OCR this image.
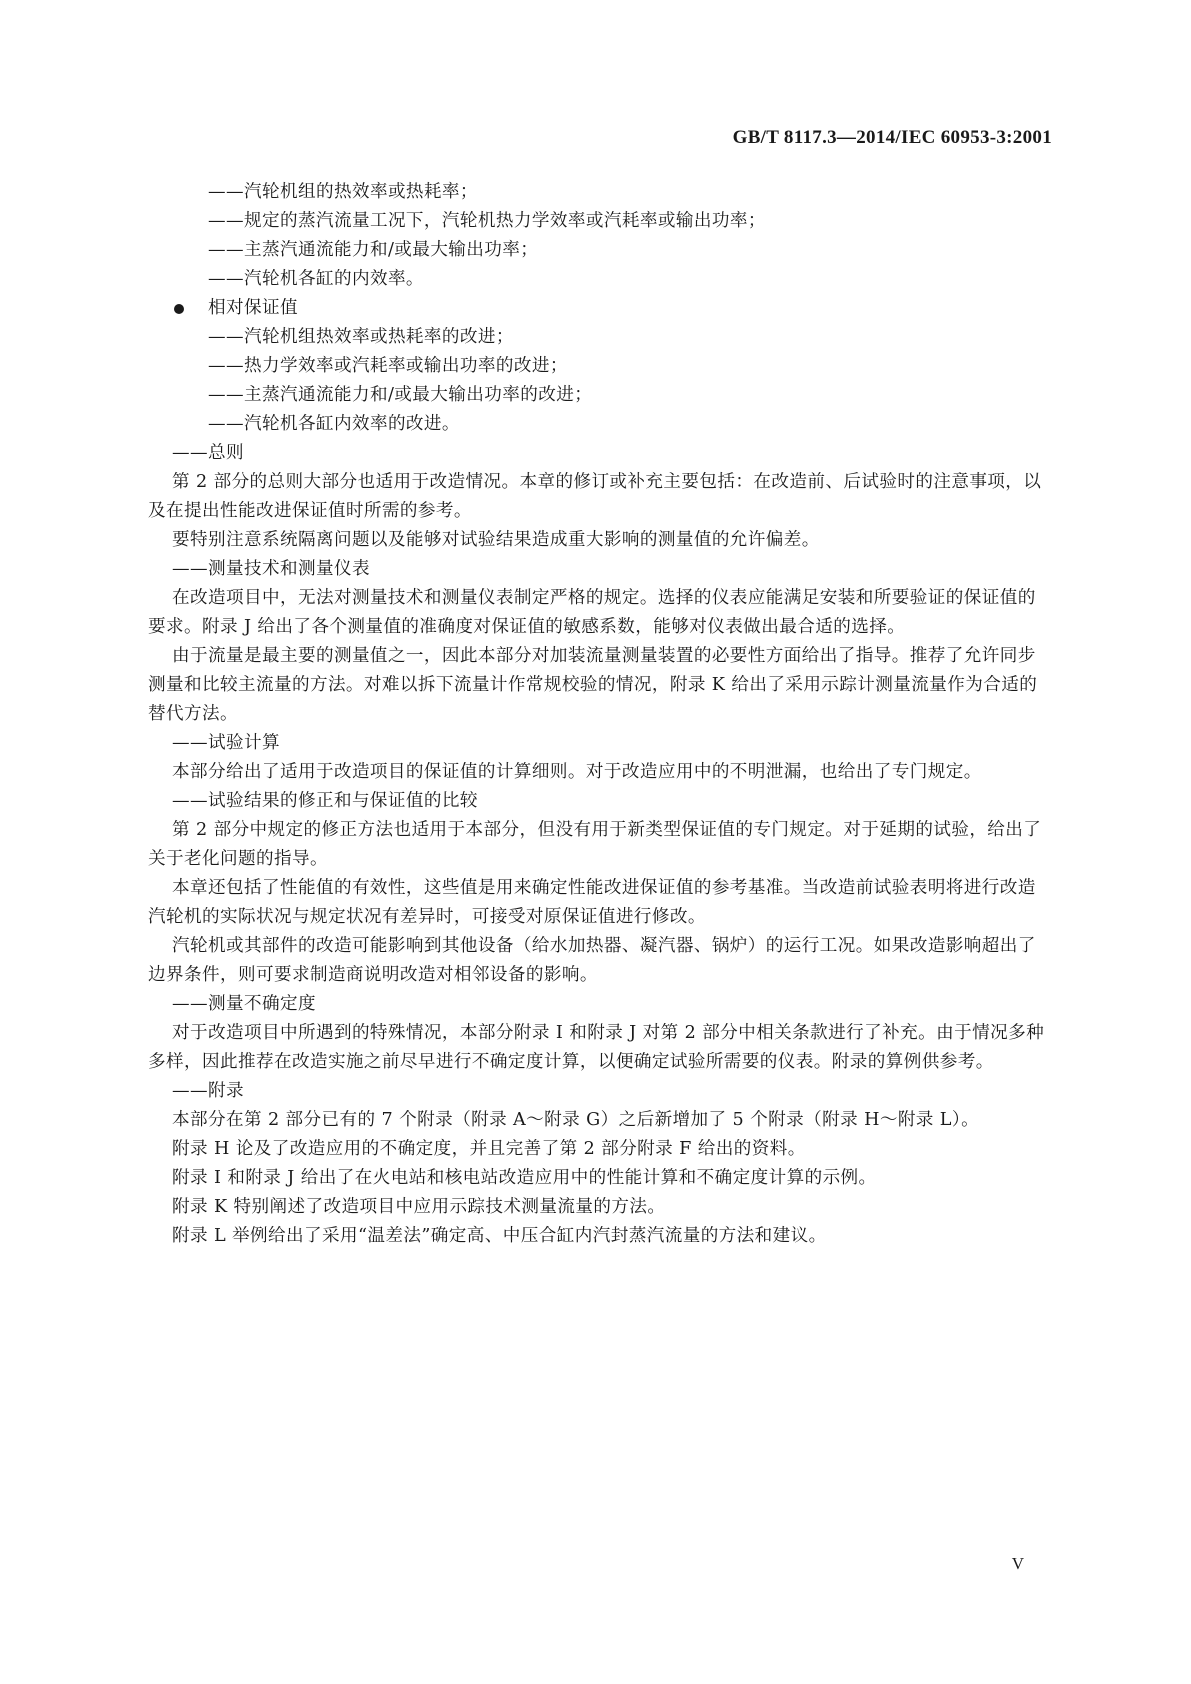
GB/T 8117.3—2014/IEC 60953-3:2001

——汽轮机组的热效率或热耗率；

——规定的蒸汽流量工况下，汽轮机热力学效率或汽耗率或输出功率；

——主蒸汽通流能力和/或最大输出功率；

——汽轮机各缸的内效率。

相对保证值

——汽轮机组热效率或热耗率的改进；

——热力学效率或汽耗率或输出功率的改进；

——主蒸汽通流能力和/或最大输出功率的改进；

——汽轮机各缸内效率的改进。

——总则

第 2 部分的总则大部分也适用于改造情况。本章的修订或补充主要包括：在改造前、后试验时的注意事项，以及在提出性能改进保证值时所需的参考。

要特别注意系统隔离问题以及能够对试验结果造成重大影响的测量值的允许偏差。

——测量技术和测量仪表

在改造项目中，无法对测量技术和测量仪表制定严格的规定。选择的仪表应能满足安装和所要验证的保证值的要求。附录 J 给出了各个测量值的准确度对保证值的敏感系数，能够对仪表做出最合适的选择。

由于流量是最主要的测量值之一，因此本部分对加装流量测量装置的必要性方面给出了指导。推荐了允许同步测量和比较主流量的方法。对难以拆下流量计作常规校验的情况，附录 K 给出了采用示踪计测量流量作为合适的替代方法。

——试验计算

本部分给出了适用于改造项目的保证值的计算细则。对于改造应用中的不明泄漏，也给出了专门规定。

——试验结果的修正和与保证值的比较

第 2 部分中规定的修正方法也适用于本部分，但没有用于新类型保证值的专门规定。对于延期的试验，给出了关于老化问题的指导。

本章还包括了性能值的有效性，这些值是用来确定性能改进保证值的参考基准。当改造前试验表明将进行改造汽轮机的实际状况与规定状况有差异时，可接受对原保证值进行修改。

汽轮机或其部件的改造可能影响到其他设备（给水加热器、凝汽器、锅炉）的运行工况。如果改造影响超出了边界条件，则可要求制造商说明改造对相邻设备的影响。

——测量不确定度

对于改造项目中所遇到的特殊情况，本部分附录 I 和附录 J 对第 2 部分中相关条款进行了补充。由于情况多种多样，因此推荐在改造实施之前尽早进行不确定度计算，以便确定试验所需要的仪表。附录的算例供参考。

——附录

本部分在第 2 部分已有的 7 个附录（附录 A～附录 G）之后新增加了 5 个附录（附录 H～附录 L）。

附录 H 论及了改造应用的不确定度，并且完善了第 2 部分附录 F 给出的资料。

附录 I 和附录 J 给出了在火电站和核电站改造应用中的性能计算和不确定度计算的示例。

附录 K 特别阐述了改造项目中应用示踪技术测量流量的方法。

附录 L 举例给出了采用“温差法”确定高、中压合缸内汽封蒸汽流量的方法和建议。

V
